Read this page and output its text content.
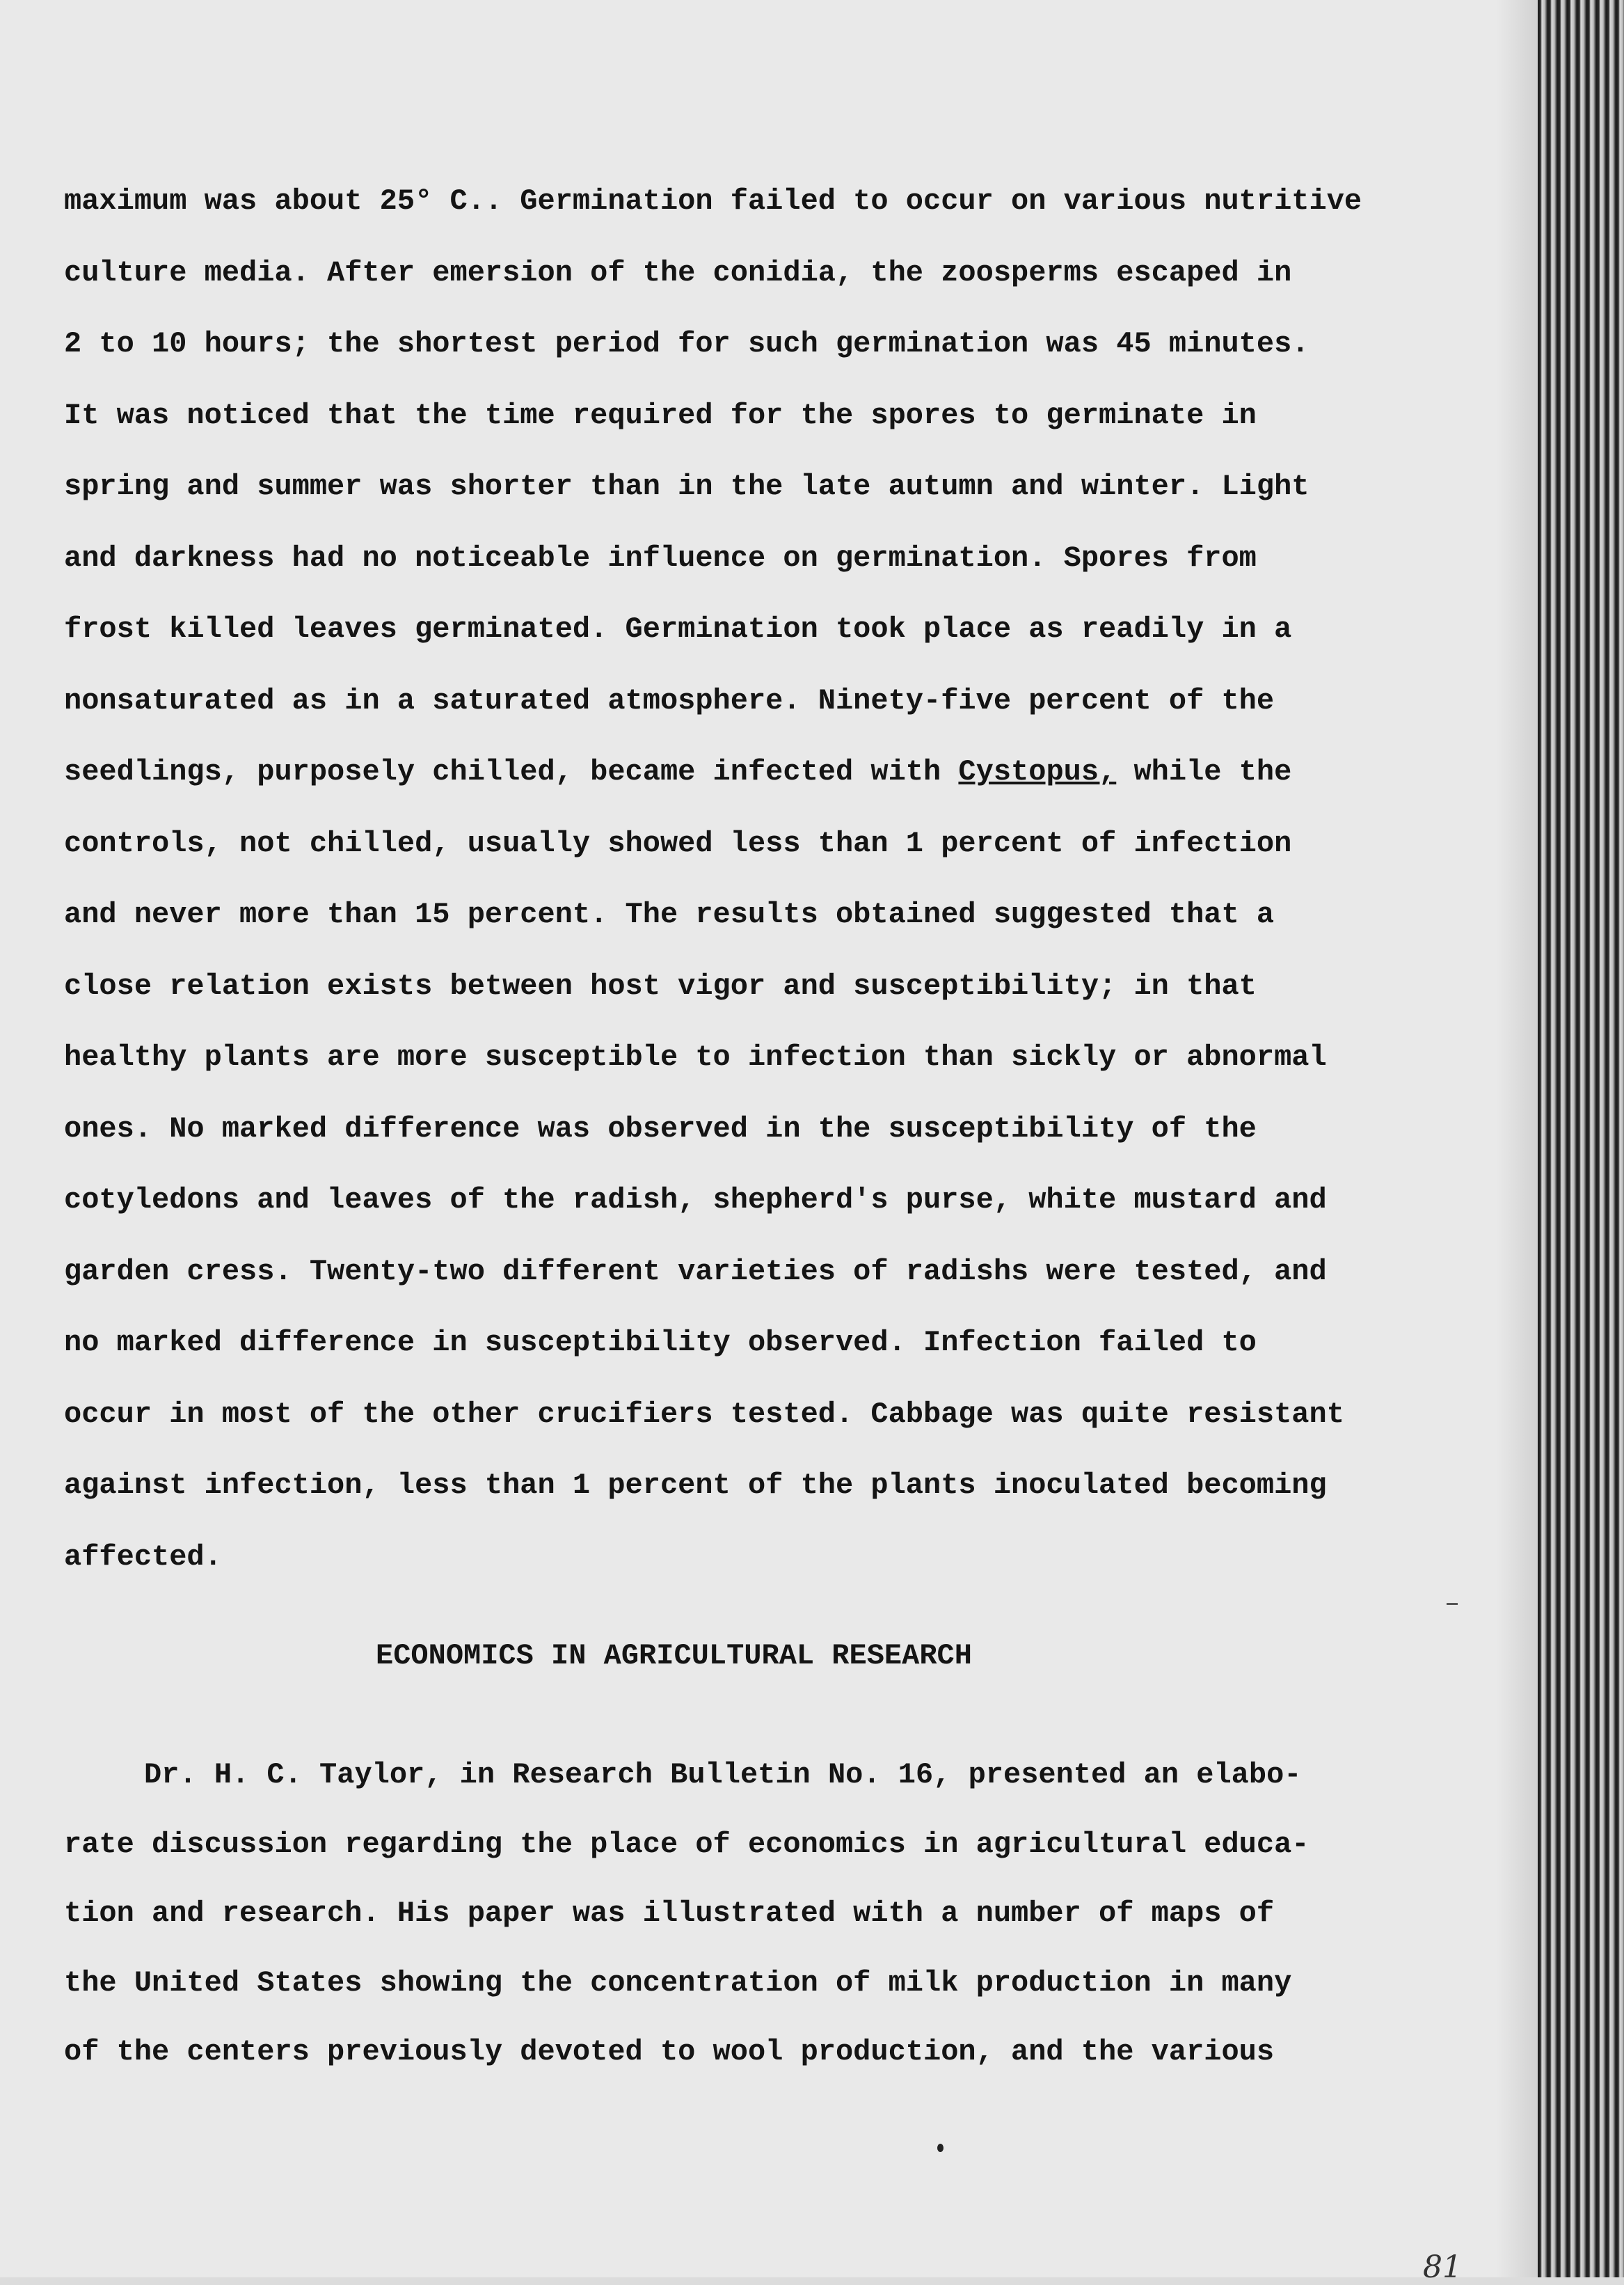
maximum was about 25° C.. Germination failed to occur on various nutritive
culture media. After emersion of the conidia, the zoosperms escaped in
2 to 10 hours; the shortest period for such germination was 45 minutes.
It was noticed that the time required for the spores to germinate in
spring and summer was shorter than in the late autumn and winter. Light
and darkness had no noticeable influence on germination. Spores from
frost killed leaves germinated. Germination took place as readily in a
nonsaturated as in a saturated atmosphere. Ninety-five percent of the
seedlings, purposely chilled, became infected with Cystopus, while the
controls, not chilled, usually showed less than 1 percent of infection
and never more than 15 percent. The results obtained suggested that a
close relation exists between host vigor and susceptibility; in that
healthy plants are more susceptible to infection than sickly or abnormal
ones. No marked difference was observed in the susceptibility of the
cotyledons and leaves of the radish, shepherd's purse, white mustard and
garden cress. Twenty-two different varieties of radishs were tested, and
no marked difference in susceptibility observed. Infection failed to
occur in most of the other crucifiers tested. Cabbage was quite resistant
against infection, less than 1 percent of the plants inoculated becoming
affected.
ECONOMICS IN AGRICULTURAL RESEARCH
Dr. H. C. Taylor, in Research Bulletin No. 16, presented an elabo-
rate discussion regarding the place of economics in agricultural educa-
tion and research. His paper was illustrated with a number of maps of
the United States showing the concentration of milk production in many
of the centers previously devoted to wool production, and the various
81
